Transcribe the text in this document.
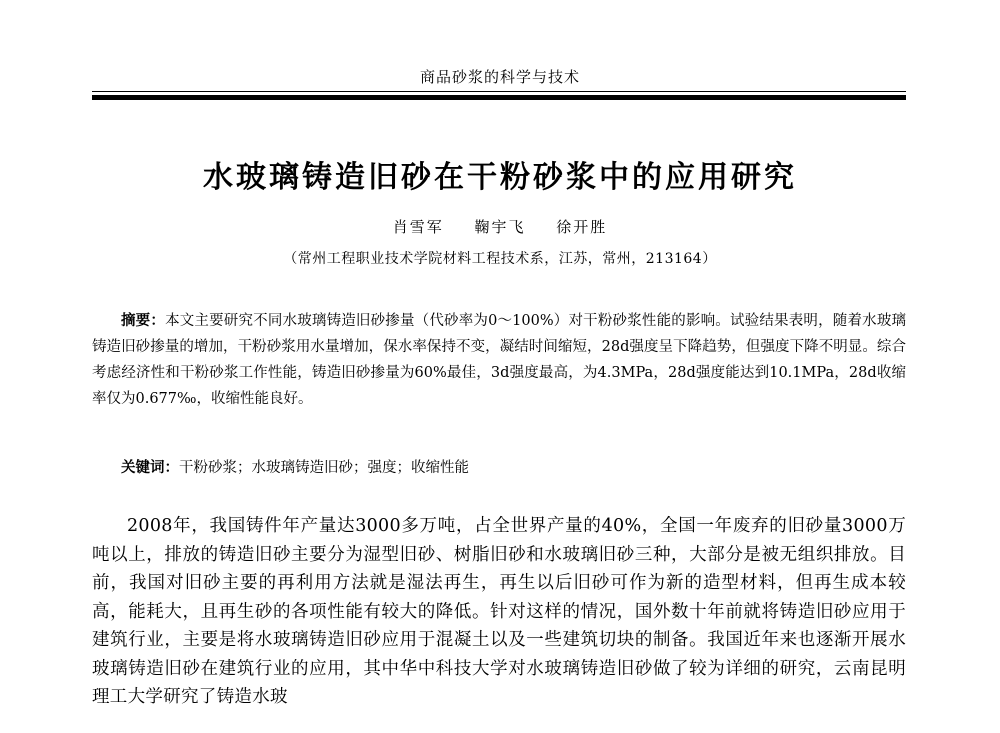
商品砂浆的科学与技术
水玻璃铸造旧砂在干粉砂浆中的应用研究
肖雪军 鞠宇飞 徐开胜
（常州工程职业技术学院材料工程技术系，江苏，常州，213164）
摘要：本文主要研究不同水玻璃铸造旧砂掺量（代砂率为0～100%）对干粉砂浆性能的影响。试验结果表明，随着水玻璃铸造旧砂掺量的增加，干粉砂浆用水量增加，保水率保持不变，凝结时间缩短，28d强度呈下降趋势，但强度下降不明显。综合考虑经济性和干粉砂浆工作性能，铸造旧砂掺量为60%最佳，3d强度最高，为4.3MPa，28d强度能达到10.1MPa，28d收缩率仅为0.677‰，收缩性能良好。
关键词：干粉砂浆；水玻璃铸造旧砂；强度；收缩性能
2008年，我国铸件年产量达3000多万吨，占全世界产量的40%，全国一年废弃的旧砂量3000万吨以上，排放的铸造旧砂主要分为湿型旧砂、树脂旧砂和水玻璃旧砂三种，大部分是被无组织排放。目前，我国对旧砂主要的再利用方法就是湿法再生，再生以后旧砂可作为新的造型材料，但再生成本较高，能耗大，且再生砂的各项性能有较大的降低。针对这样的情况，国外数十年前就将铸造旧砂应用于建筑行业，主要是将水玻璃铸造旧砂应用于混凝土以及一些建筑切块的制备。我国近年来也逐渐开展水玻璃铸造旧砂在建筑行业的应用，其中华中科技大学对水玻璃铸造旧砂做了较为详细的研究，云南昆明理工大学研究了铸造水玻
